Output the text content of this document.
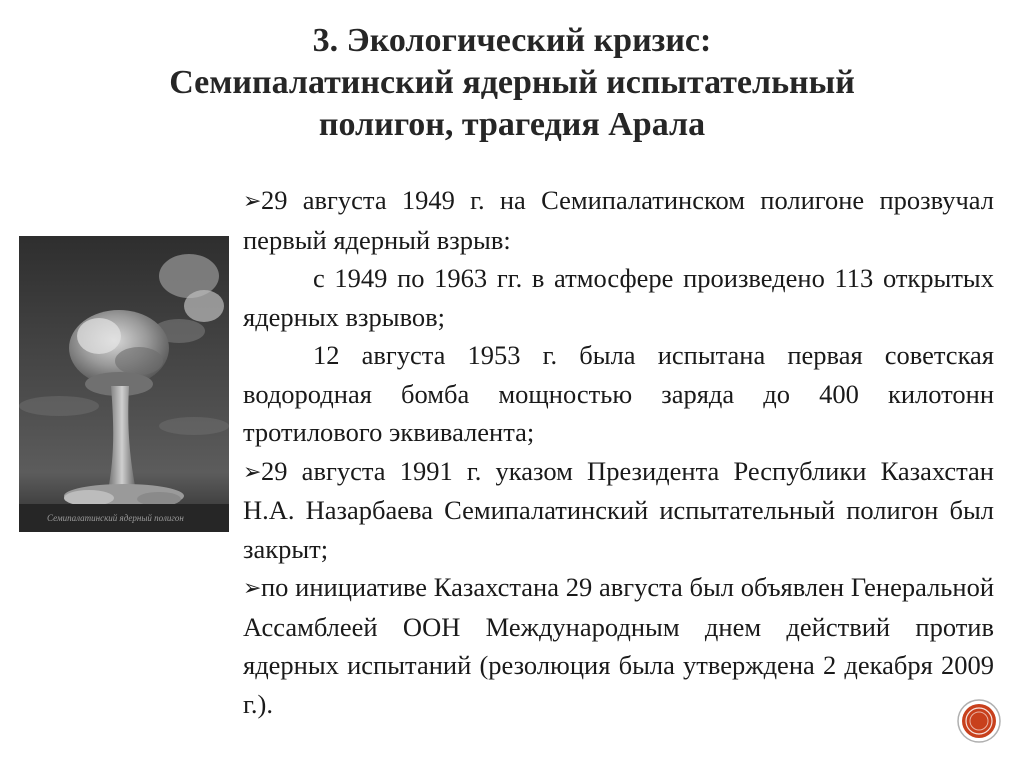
3. Экологический кризис:
Семипалатинский ядерный испытательный
полигон, трагедия Арала
Семипалатинский ядерный полигон

➢29 августа 1949 г. на Семипалатинском полигоне прозвучал первый ядерный взрыв:

с 1949 по 1963 гг. в атмосфере произведено 113 открытых ядерных взрывов;

12 августа 1953 г. была испытана первая советская водородная бомба мощностью заряда до 400 килотонн тротилового эквивалента;

➢29 августа 1991 г. указом Президента Республики Казахстан Н.А. Назарбаева Семипалатинский испытательный полигон был закрыт;

➢по инициативе Казахстана 29 августа был объявлен Генеральной Ассамблеей ООН Международным днем действий против ядерных испытаний (резолюция была утверждена 2 декабря 2009 г.).
